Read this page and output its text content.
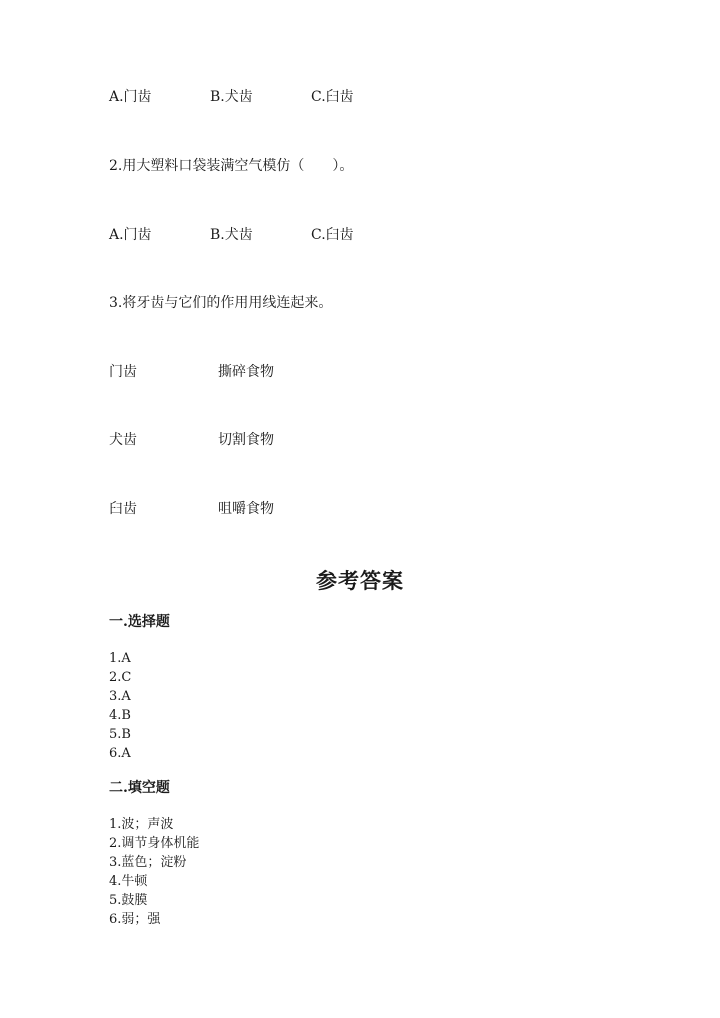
A.门齿	B.犬齿	C.臼齿
2.用大塑料口袋装满空气模仿（　　）。
A.门齿	B.犬齿	C.臼齿
3.将牙齿与它们的作用用线连起来。
门齿	撕碎食物
犬齿	切割食物
臼齿	咀嚼食物
参考答案
一.选择题
1.A
2.C
3.A
4.B
5.B
6.A
二.填空题
1.波；声波
2.调节身体机能
3.蓝色；淀粉
4.牛顿
5.鼓膜
6.弱；强
